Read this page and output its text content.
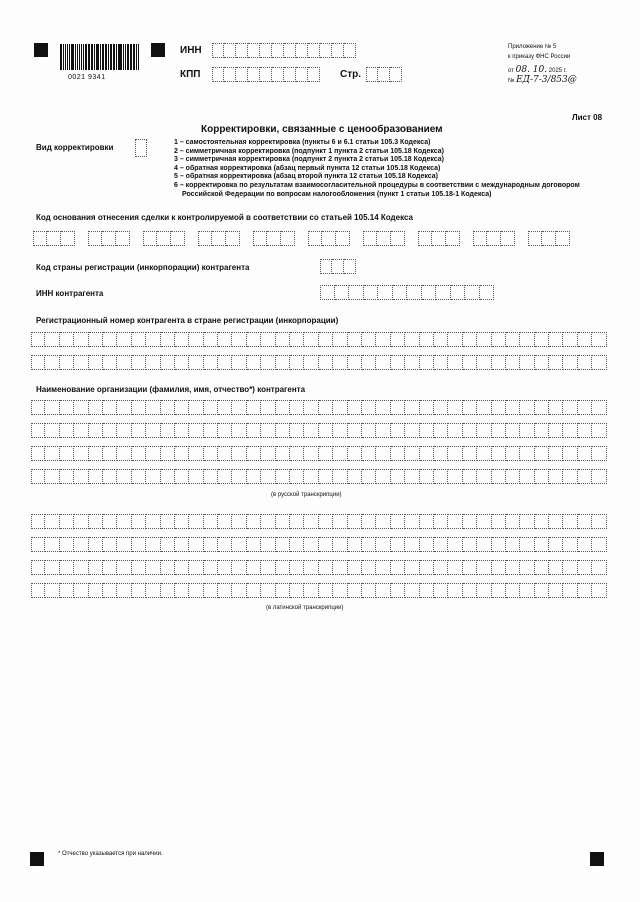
0021 9341
ИНН
КПП	Стр.
Приложение № 5
к приказу ФНС России
от 08. 10. 2025 г.
№ ЕД-7-3/853@
Лист 08
Корректировки, связанные с ценообразованием
Вид корректировки
1 – самостоятельная корректировка (пункты 6 и 6.1 статьи 105.3 Кодекса)
2 – симметричная корректировка (подпункт 1 пункта 2 статьи 105.18 Кодекса)
3 – симметричная корректировка (подпункт 2 пункта 2 статьи 105.18 Кодекса)
4 – обратная корректировка (абзац первый пункта 12 статьи 105.18 Кодекса)
5 – обратная корректировка (абзац второй пункта 12 статьи 105.18 Кодекса)
6 – корректировка по результатам взаимосогласительной процедуры в соответствии с международным договором
Российской Федерации по вопросам налогообложения (пункт 1 статьи 105.18-1 Кодекса)
Код основания отнесения сделки к контролируемой в соответствии со статьей 105.14 Кодекса
Код страны регистрации (инкорпорации) контрагента
ИНН контрагента
Регистрационный номер контрагента в стране регистрации (инкорпорации)
Наименование организации (фамилия, имя, отчество*) контрагента
(в русской транскрипции)
(в латинской транскрипции)
* Отчество указывается при наличии.
